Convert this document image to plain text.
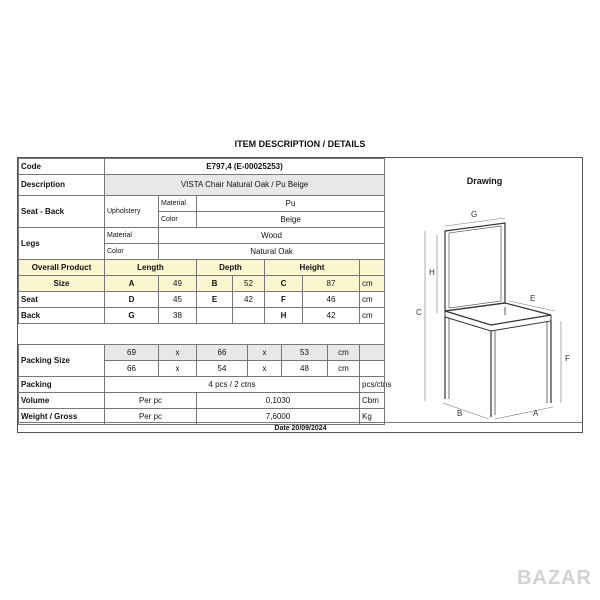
ITEM DESCRIPTION / DETAILS
Code	E797,4 (E-00025253)									
Description	VISTA Chair Natural Oak / Pu Beige									
Seat - Back	Upholstery	Material	Pu							
		Color	Beige							
Legs	Material	Wood								
	Color	Natural Oak								
Overall Product	Length		Depth			Height				
Size	A	49	B	52		C		87		cm
Seat	D	45	E	42		F		46		cm
Back	G	38				H		42		cm

Packing Size	69	x	66		x		53		cm	
	66	x	54		x		48		cm	
Packing	4 pcs / 2 ctns									pcs/ctns
Volume	Per pc		0,1030							Cbm
Weight / Gross	Per pc		7,6000							Kg
Drawing
G
H
C
E
F
B	A
Date 20/09/2024
BAZAR
